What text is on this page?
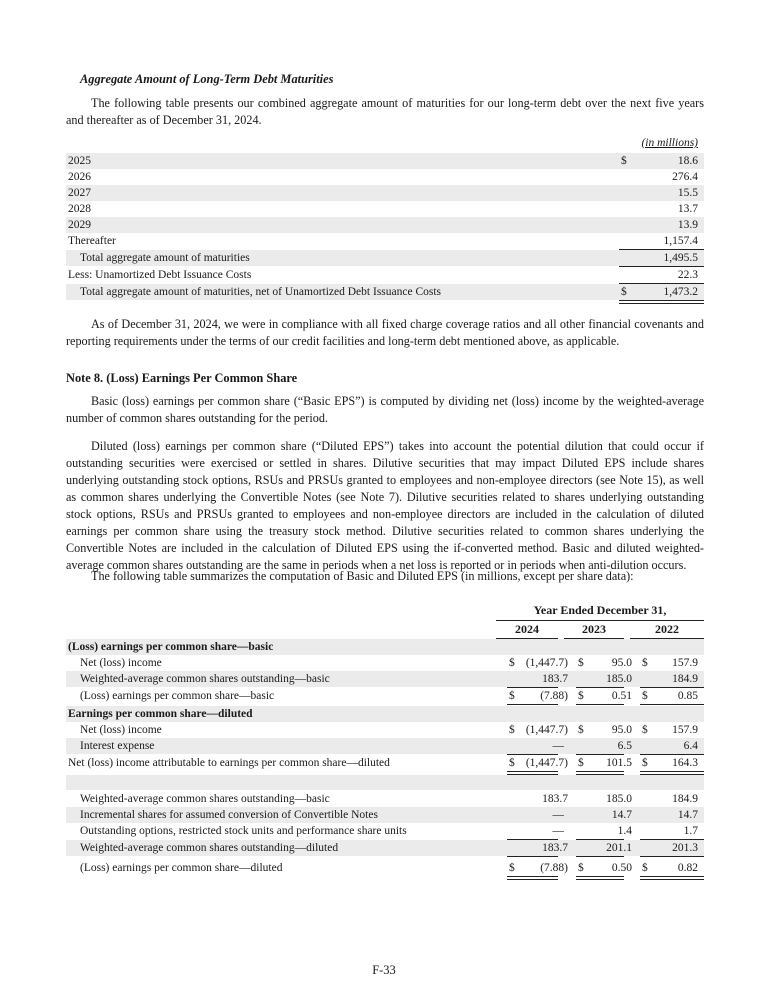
Aggregate Amount of Long-Term Debt Maturities
The following table presents our combined aggregate amount of maturities for our long-term debt over the next five years and thereafter as of December 31, 2024.
(in millions)
2025	$	18.6
2026	276.4
2027	15.5
2028	13.7
2029	13.9
Thereafter	1,157.4
Total aggregate amount of maturities	1,495.5
Less: Unamortized Debt Issuance Costs	22.3
Total aggregate amount of maturities, net of Unamortized Debt Issuance Costs	$	1,473.2
As of December 31, 2024, we were in compliance with all fixed charge coverage ratios and all other financial covenants and reporting requirements under the terms of our credit facilities and long-term debt mentioned above, as applicable.
Note 8. (Loss) Earnings Per Common Share
Basic (loss) earnings per common share (“Basic EPS”) is computed by dividing net (loss) income by the weighted-average number of common shares outstanding for the period.
Diluted (loss) earnings per common share (“Diluted EPS”) takes into account the potential dilution that could occur if outstanding securities were exercised or settled in shares. Dilutive securities that may impact Diluted EPS include shares underlying outstanding stock options, RSUs and PRSUs granted to employees and non-employee directors (see Note 15), as well as common shares underlying the Convertible Notes (see Note 7). Dilutive securities related to shares underlying outstanding stock options, RSUs and PRSUs granted to employees and non-employee directors are included in the calculation of diluted earnings per common share using the treasury stock method. Dilutive securities related to common shares underlying the Convertible Notes are included in the calculation of Diluted EPS using the if-converted method. Basic and diluted weighted-average common shares outstanding are the same in periods when a net loss is reported or in periods when anti-dilution occurs.
The following table summarizes the computation of Basic and Diluted EPS (in millions, except per share data):
Year Ended December 31,
2024	2023	2022
(Loss) earnings per common share—basic
Net (loss) income	$ (1,447.7) $ 95.0 $ 157.9
Weighted-average common shares outstanding—basic	183.7	185.0	184.9
(Loss) earnings per common share—basic	$ (7.88) $ 0.51 $	0.85
Earnings per common share—diluted
Net (loss) income	$ (1,447.7) $ 95.0 $ 157.9
Interest expense	—	6.5	6.4
Net (loss) income attributable to earnings per common share—diluted	$ (1,447.7) $ 101.5 $ 164.3
Weighted-average common shares outstanding—basic	183.7	185.0	184.9
Incremental shares for assumed conversion of Convertible Notes	—	14.7	14.7
Outstanding options, restricted stock units and performance share units	—	1.4	1.7
Weighted-average common shares outstanding—diluted	183.7	201.1	201.3
(Loss) earnings per common share—diluted	$ (7.88) $ 0.50 $	0.82
F-33
